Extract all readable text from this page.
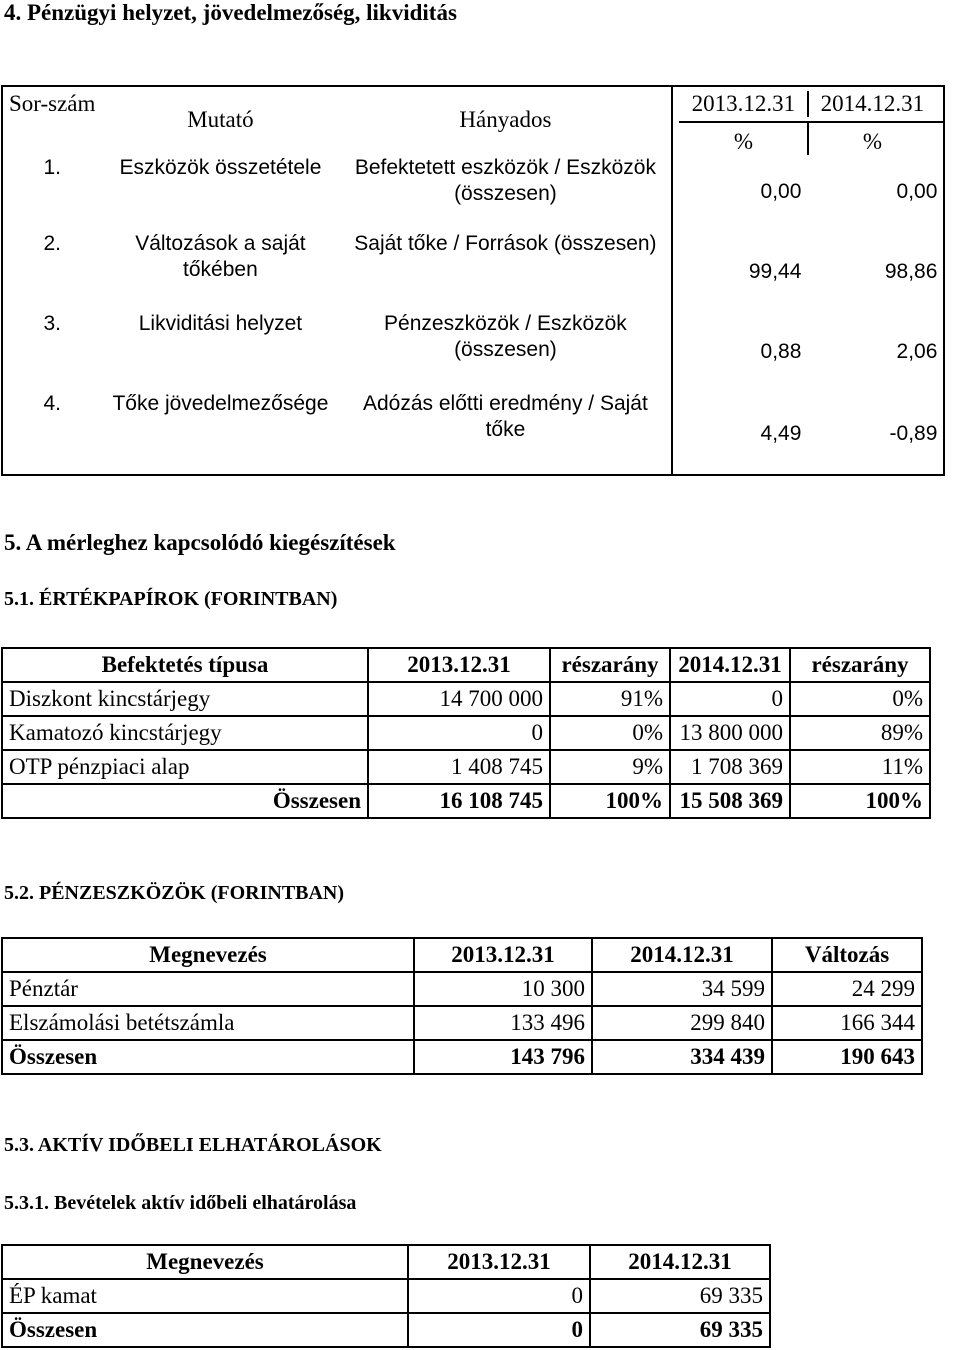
4. Pénzügyi helyzet, jövedelmezőség, likviditás
Sor-szám	Mutató	Hányados	2013.12.31 2014.12.31
% %

1.	Eszközök összetétele	Befektetett eszközök / Eszközök (összesen)	0,00 0,00

2.	Változások a saját tőkében	Saját tőke / Források (összesen)	99,44 98,86

3.	Likviditási helyzet	Pénzeszközök / Eszközök (összesen)	0,88 2,06

4.	Tőke jövedelmezősége	Adózás előtti eredmény / Saját tőke	4,49 -0,89
5. A mérleghez kapcsolódó kiegészítések
5.1. ÉRTÉKPAPÍROK (FORINTBAN)
Befektetés típusa	2013.12.31	részarány	2014.12.31	részarány
Diszkont kincstárjegy	14 700 000	91%	0	0%
Kamatozó kincstárjegy	0	0%	13 800 000	89%
OTP pénzpiaci alap	1 408 745	9%	1 708 369	11%
Összesen	16 108 745	100%	15 508 369	100%
5.2. PÉNZESZKÖZÖK (FORINTBAN)
Megnevezés	2013.12.31	2014.12.31	Változás
Pénztár	10 300	34 599	24 299
Elszámolási betétszámla	133 496	299 840	166 344
Összesen	143 796	334 439	190 643
5.3. AKTÍV IDŐBELI ELHATÁROLÁSOK
5.3.1. Bevételek aktív időbeli elhatárolása
Megnevezés	2013.12.31	2014.12.31
ÉP kamat	0	69 335
Összesen	0	69 335
